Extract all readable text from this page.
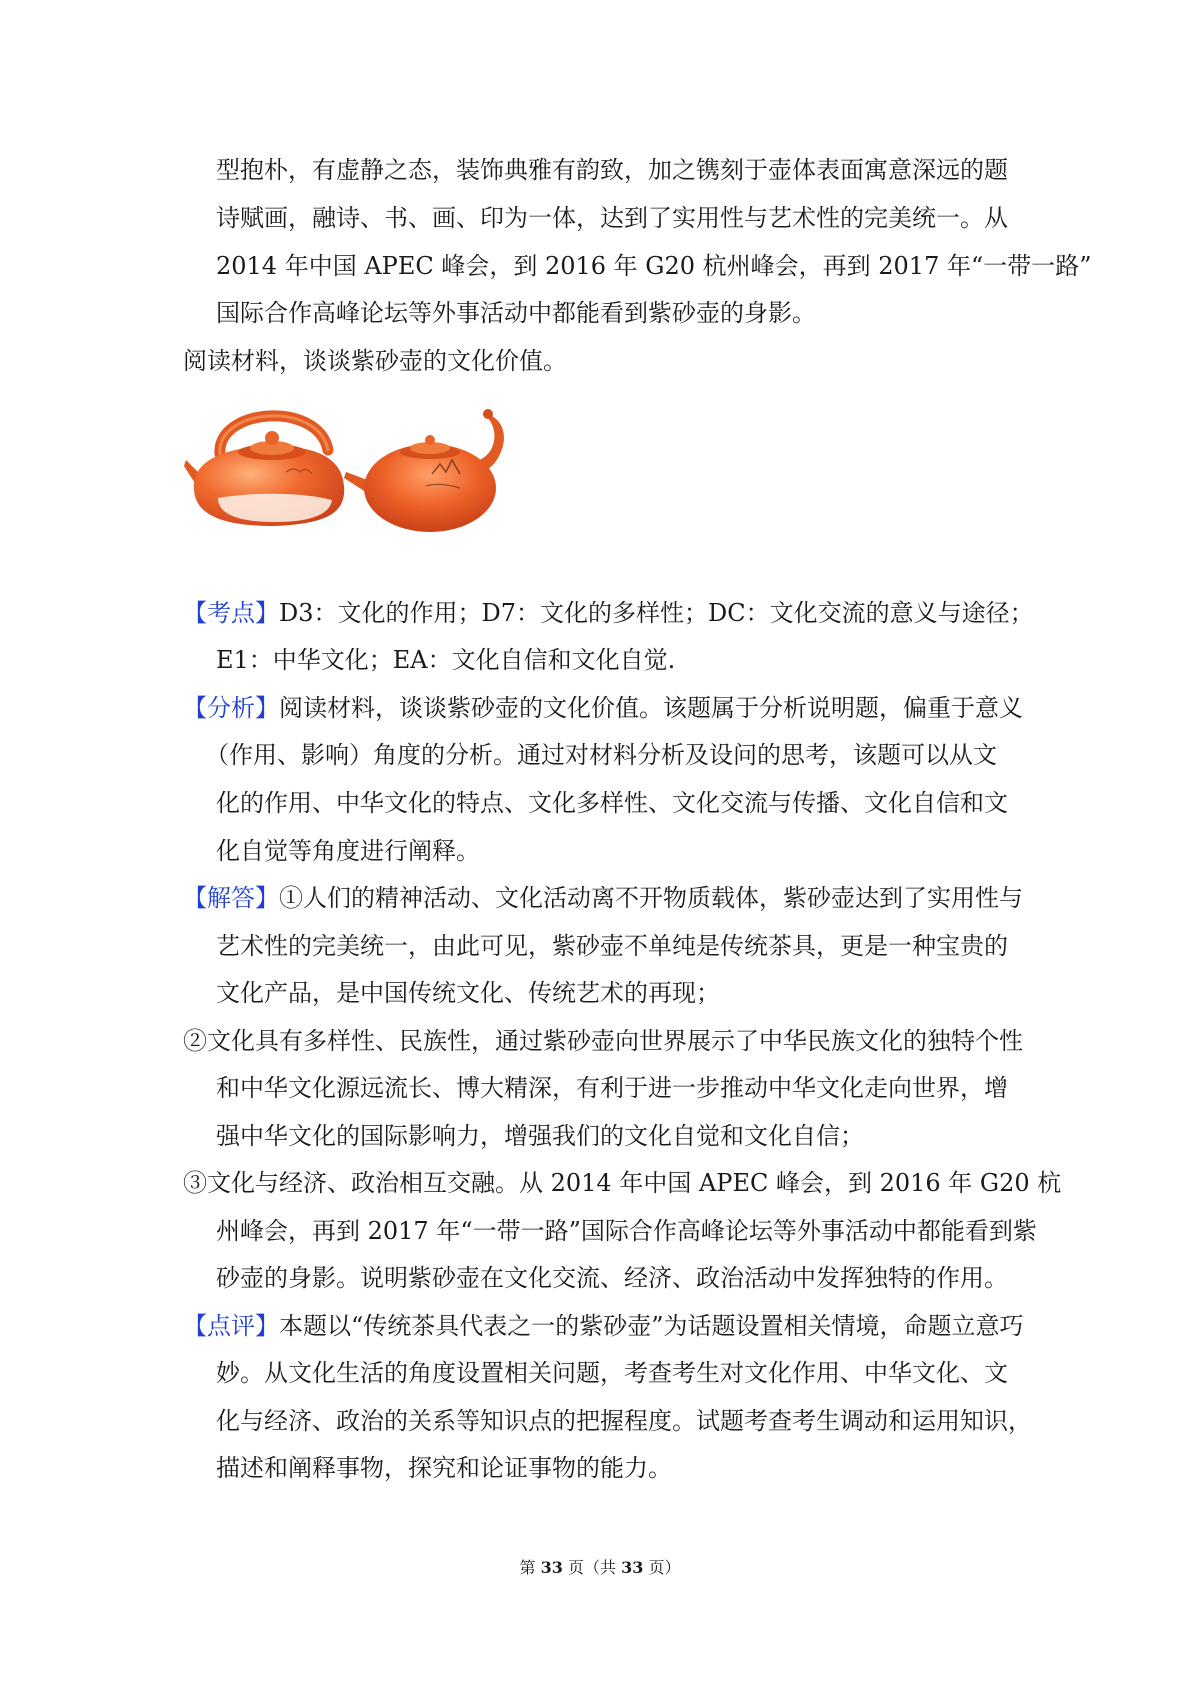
型抱朴，有虚静之态，装饰典雅有韵致，加之镌刻于壶体表面寓意深远的题
诗赋画，融诗、书、画、印为一体，达到了实用性与艺术性的完美统一。从
2014 年中国 APEC 峰会，到 2016 年 G20 杭州峰会，再到 2017 年“一带一路”
国际合作高峰论坛等外事活动中都能看到紫砂壶的身影。
阅读材料，谈谈紫砂壶的文化价值。
【考点】D3：文化的作用；D7：文化的多样性；DC：文化交流的意义与途径；
E1：中华文化；EA：文化自信和文化自觉.
【分析】阅读材料，谈谈紫砂壶的文化价值。该题属于分析说明题，偏重于意义
（作用、影响）角度的分析。通过对材料分析及设问的思考，该题可以从文
化的作用、中华文化的特点、文化多样性、文化交流与传播、文化自信和文
化自觉等角度进行阐释。
【解答】①人们的精神活动、文化活动离不开物质载体，紫砂壶达到了实用性与
艺术性的完美统一，由此可见，紫砂壶不单纯是传统茶具，更是一种宝贵的
文化产品，是中国传统文化、传统艺术的再现；
②文化具有多样性、民族性，通过紫砂壶向世界展示了中华民族文化的独特个性
和中华文化源远流长、博大精深，有利于进一步推动中华文化走向世界，增
强中华文化的国际影响力，增强我们的文化自觉和文化自信；
③文化与经济、政治相互交融。从 2014 年中国 APEC 峰会，到 2016 年 G20 杭
州峰会，再到 2017 年“一带一路”国际合作高峰论坛等外事活动中都能看到紫
砂壶的身影。说明紫砂壶在文化交流、经济、政治活动中发挥独特的作用。
【点评】本题以“传统茶具代表之一的紫砂壶”为话题设置相关情境，命题立意巧
妙。从文化生活的角度设置相关问题，考查考生对文化作用、中华文化、文
化与经济、政治的关系等知识点的把握程度。试题考查考生调动和运用知识，
描述和阐释事物，探究和论证事物的能力。
第 33 页（共 33 页）
